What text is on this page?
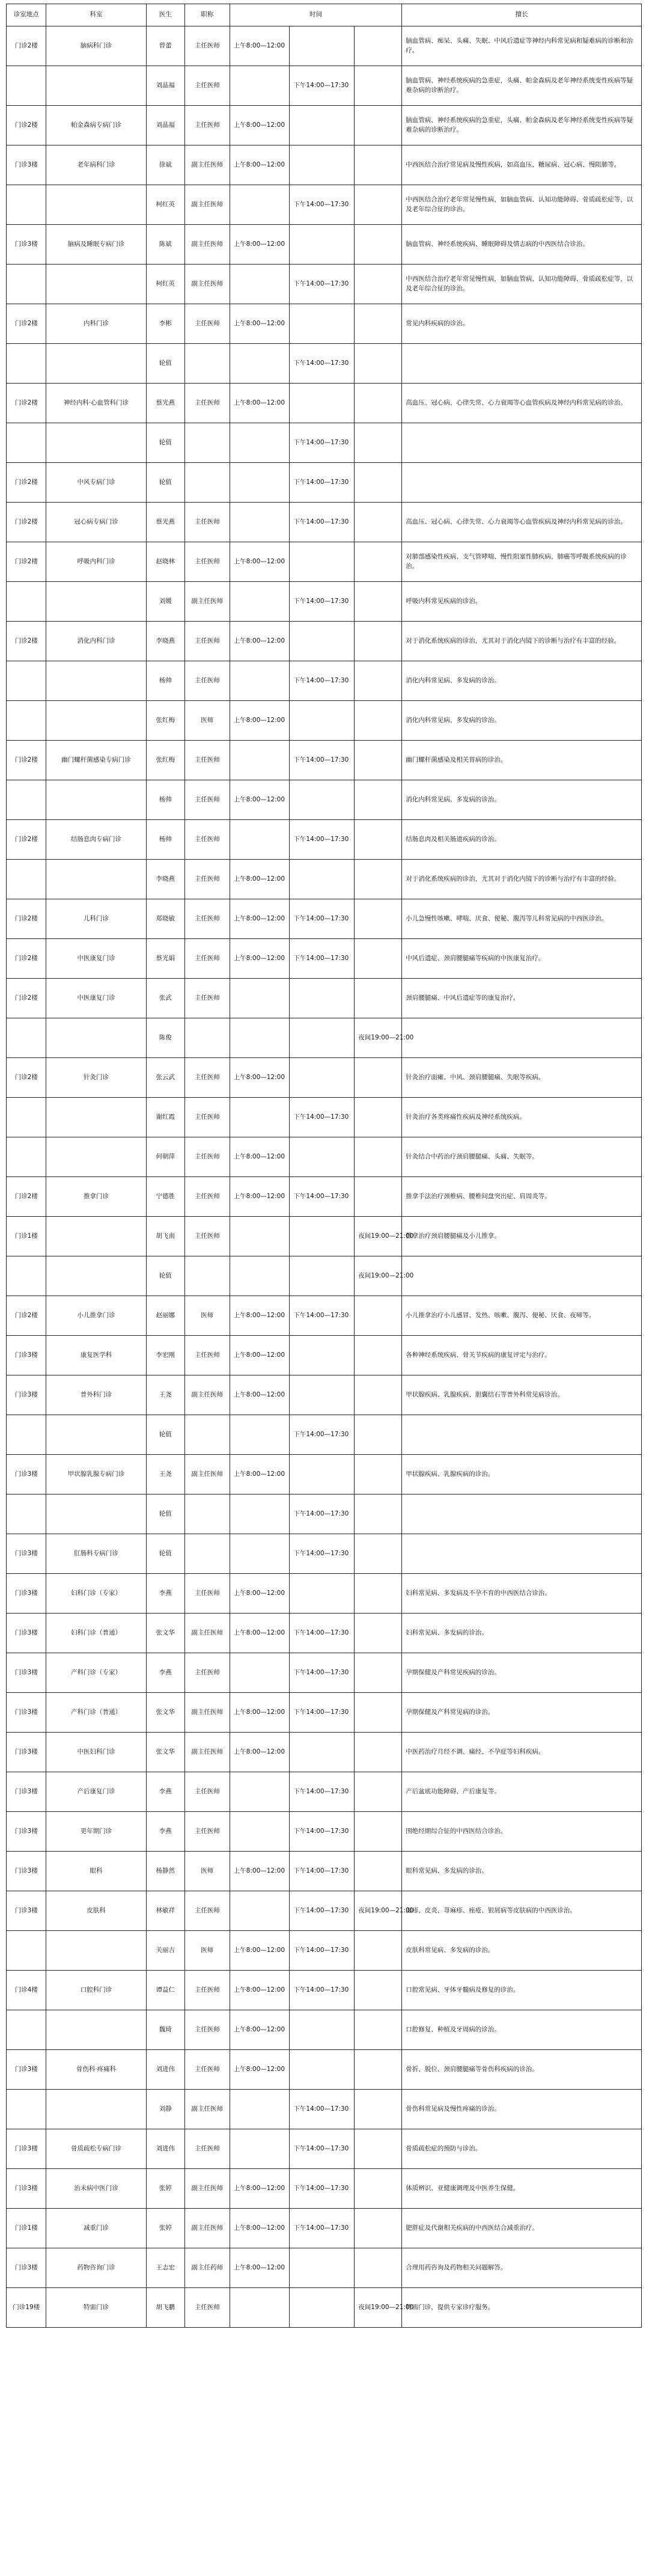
诊室地点	科室	医生	职称	时间			擅长
门诊2楼	脑病科门诊	曾蕾	主任医师	上午8:00—12:00			脑血管病、痴呆、头痛、失眠、中风后遗症等神经内科常见病和疑难病的诊断和治疗。
		刘晶福	主任医师		下午14:00—17:30		脑血管病、神经系统疾病的急重症，头痛、帕金森病及老年神经系统变性疾病等疑难杂病的诊断治疗。
门诊2楼	帕金森病专病门诊	刘晶福	主任医师	上午8:00—12:00			脑血管病、神经系统疾病的急重症，头痛、帕金森病及老年神经系统变性疾病等疑难杂病的诊断治疗。
门诊3楼	老年病科门诊	徐斌	副主任医师	上午8:00—12:00			中西医结合治疗常见病及慢性疾病，如高血压、糖尿病、冠心病、慢阻肺等。
		柯红英	副主任医师		下午14:00—17:30		中西医结合治疗老年常见慢性病，如脑血管病、认知功能障碍、骨质疏松症等，以及老年综合征的诊治。
门诊3楼	脑病及睡眠专病门诊	陈斌	副主任医师	上午8:00—12:00			脑血管病、神经系统疾病、睡眠障碍及情志病的中西医结合诊治。
		柯红英	副主任医师		下午14:00—17:30		中西医结合治疗老年常见慢性病，如脑血管病、认知功能障碍、骨质疏松症等，以及老年综合征的诊治。
门诊2楼	内科门诊	李彬	主任医师	上午8:00—12:00			常见内科疾病的诊治。
		轮值			下午14:00—17:30		
门诊2楼	神经内科·心血管科门诊	蔡光燕	主任医师	上午8:00—12:00			高血压、冠心病、心律失常、心力衰竭等心血管疾病及神经内科常见病的诊治。
		轮值			下午14:00—17:30		
门诊2楼	中风专病门诊	轮值			下午14:00—17:30		
门诊2楼	冠心病专病门诊	蔡光燕	主任医师		下午14:00—17:30		高血压、冠心病、心律失常、心力衰竭等心血管疾病及神经内科常见病的诊治。
门诊2楼	呼吸内科门诊	赵晓林	主任医师	上午8:00—12:00			对肺部感染性疾病、支气管哮喘、慢性阻塞性肺疾病、肺癌等呼吸系统疾病的诊治。
		刘媛	副主任医师		下午14:00—17:30		呼吸内科常见疾病的诊治。
门诊2楼	消化内科门诊	李晓燕	主任医师	上午8:00—12:00			对于消化系统疾病的诊治，尤其对于消化内镜下的诊断与治疗有丰富的经验。
		杨帅	主任医师		下午14:00—17:30		消化内科常见病、多发病的诊治。
		张红梅	医师	上午8:00—12:00			消化内科常见病、多发病的诊治。
门诊2楼	幽门螺杆菌感染专病门诊	张红梅	主任医师		下午14:00—17:30		幽门螺杆菌感染及相关胃病的诊治。
		杨帅	主任医师	上午8:00—12:00			消化内科常见病、多发病的诊治。
门诊2楼	结肠息肉专病门诊	杨帅	主任医师		下午14:00—17:30		结肠息肉及相关肠道疾病的诊治。
		李晓燕	主任医师	上午8:00—12:00			对于消化系统疾病的诊治，尤其对于消化内镜下的诊断与治疗有丰富的经验。
门诊2楼	儿科门诊	郑晓敏	主任医师	上午8:00—12:00	下午14:00—17:30		小儿急慢性咳嗽、哮喘、厌食、便秘、腹泻等儿科常见病的中西医诊治。
门诊2楼	中医康复门诊	蔡光娟	主任医师	上午8:00—12:00	下午14:00—17:30		中风后遗症、颈肩腰腿痛等疾病的中医康复治疗。
门诊2楼	中医康复门诊	张武	主任医师				颈肩腰腿痛、中风后遗症等的康复治疗。
		陈俊				夜间19:00—21:00	
门诊2楼	针灸门诊	张云武	主任医师	上午8:00—12:00			针灸治疗面瘫、中风、颈肩腰腿痛、失眠等疾病。
		谢红霞	主任医师		下午14:00—17:30		针灸治疗各类疼痛性疾病及神经系统疾病。
		何朝萍	主任医师	上午8:00—12:00			针灸结合中药治疗颈肩腰腿痛、头痛、失眠等。
门诊2楼	推拿门诊	宁德胜	主任医师	上午8:00—12:00	下午14:00—17:30		推拿手法治疗颈椎病、腰椎间盘突出症、肩周炎等。
门诊1楼		胡飞南	主任医师			夜间19:00—21:00	推拿治疗颈肩腰腿痛及小儿推拿。
		轮值				夜间19:00—21:00	
门诊2楼	小儿推拿门诊	赵丽娜	医师	上午8:00—12:00	下午14:00—17:30		小儿推拿治疗小儿感冒、发热、咳嗽、腹泻、便秘、厌食、夜啼等。
门诊3楼	康复医学科	李宏刚	主任医师	上午8:00—12:00			各种神经系统疾病、骨关节疾病的康复评定与治疗。
门诊3楼	普外科门诊	王尧	副主任医师	上午8:00—12:00			甲状腺疾病、乳腺疾病、胆囊结石等普外科常见病诊治。
		轮值			下午14:00—17:30		
门诊3楼	甲状腺乳腺专病门诊	王尧	副主任医师	上午8:00—12:00			甲状腺疾病、乳腺疾病的诊治。
		轮值			下午14:00—17:30		
门诊3楼	肛肠科专病门诊	轮值			下午14:00—17:30		
门诊3楼	妇科门诊（专家）	李燕	主任医师	上午8:00—12:00			妇科常见病、多发病及不孕不育的中西医结合诊治。
门诊3楼	妇科门诊（普通）	张文华	副主任医师	上午8:00—12:00	下午14:00—17:30		妇科常见病、多发病的诊治。
门诊3楼	产科门诊（专家）	李燕	主任医师		下午14:00—17:30		孕期保健及产科常见疾病的诊治。
门诊3楼	产科门诊（普通）	张文华	副主任医师	上午8:00—12:00	下午14:00—17:30		孕期保健及产科常见病的诊治。
门诊3楼	中医妇科门诊	张文华	副主任医师	上午8:00—12:00			中医药治疗月经不调、痛经、不孕症等妇科疾病。
门诊3楼	产后康复门诊	李燕	主任医师		下午14:00—17:30		产后盆底功能障碍、产后康复等。
门诊3楼	更年期门诊	李燕	主任医师		下午14:00—17:30		围绝经期综合征的中西医结合诊治。
门诊3楼	眼科	杨静然	医师	上午8:00—12:00	下午14:00—17:30		眼科常见病、多发病的诊治。
门诊3楼	皮肤科	林敏祥	主任医师		下午14:00—17:30	夜间19:00—21:00	湿疹、皮炎、荨麻疹、痤疮、银屑病等皮肤病的中西医诊治。
		关丽吉	医师	上午8:00—12:00	下午14:00—17:30		皮肤科常见病、多发病的诊治。
门诊4楼	口腔科门诊	谭益仁	主任医师	上午8:00—12:00	下午14:00—17:30		口腔常见病、牙体牙髓病及修复的诊治。
		魏琦	主任医师	上午8:00—12:00			口腔修复、种植及牙周病的诊治。
门诊3楼	骨伤科·疼痛科	刘进伟	主任医师	上午8:00—12:00			骨折、脱位、颈肩腰腿痛等骨伤科疾病的诊治。
		刘静	副主任医师		下午14:00—17:30		骨伤科常见病及慢性疼痛的诊治。
门诊3楼	骨质疏松专病门诊	刘进伟	主任医师		下午14:00—17:30		骨质疏松症的预防与诊治。
门诊3楼	治未病中医门诊	张婷	副主任医师	上午8:00—12:00	下午14:00—17:30		体质辨识、亚健康调理及中医养生保健。
门诊1楼	减重门诊	张婷	副主任医师	上午8:00—12:00	下午14:00—17:30		肥胖症及代谢相关疾病的中西医结合减重治疗。
门诊3楼	药物咨询门诊	王志宏	副主任药师	上午8:00—12:00			合理用药咨询及药物相关问题解答。
门诊19楼	特需门诊	胡飞鹏	主任医师			夜间19:00—21:00	特需门诊，提供专家诊疗服务。
